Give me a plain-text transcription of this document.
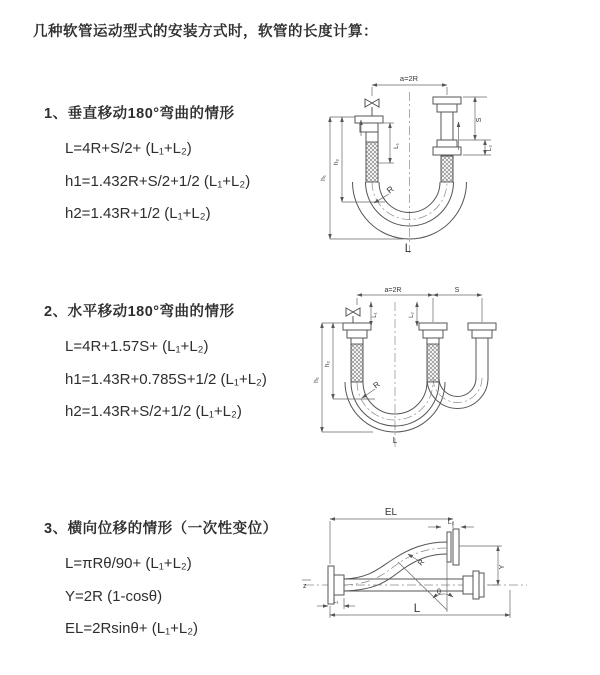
几种软管运动型式的安装方式时，软管的长度计算：
1、垂直移动180°弯曲的情形
L=4R+S/2+ (L₁+L₂)
h1=1.432R+S/2+1/2 (L₁+L₂)
h2=1.43R+1/2 (L₁+L₂)
2、水平移动180°弯曲的情形
L=4R+1.57S+ (L₁+L₂)
h1=1.43R+0.785S+1/2 (L₁+L₂)
h2=1.43R+S/2+1/2 (L₁+L₂)
3、横向位移的情形（一次性变位）
L=πRθ/90+ (L₁+L₂)
Y=2R (1-cosθ)
EL=2Rsinθ+ (L₁+L₂)
a=2R
L₁
S
L₂
h₁
h₂
R
L
a=2R	S
L₁	L₂
h₁
h₂
R
L
z
EL
L₂
Y
θ
R
L
L₁
